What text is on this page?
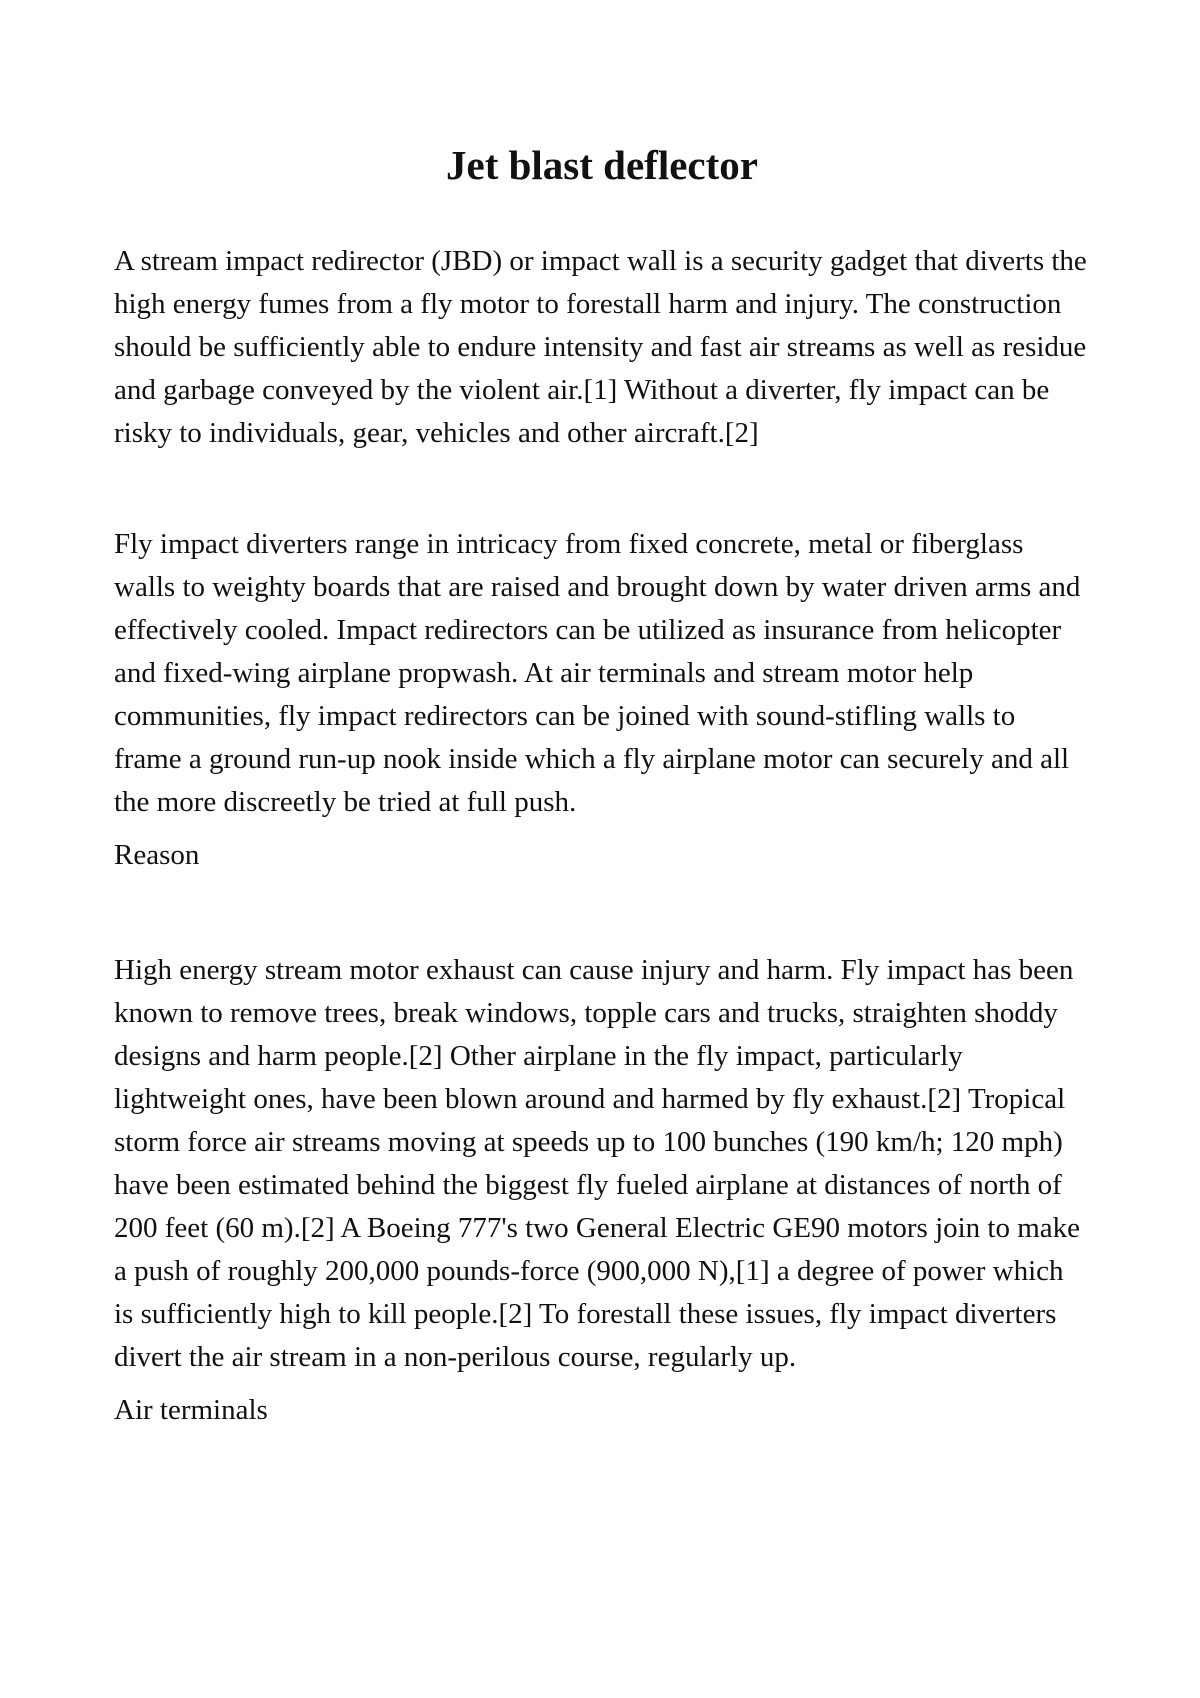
Jet blast deflector

A stream impact redirector (JBD) or impact wall is a security gadget that diverts the high energy fumes from a fly motor to forestall harm and injury. The construction should be sufficiently able to endure intensity and fast air streams as well as residue and garbage conveyed by the violent air.[1] Without a diverter, fly impact can be risky to individuals, gear, vehicles and other aircraft.[2]

Fly impact diverters range in intricacy from fixed concrete, metal or fiberglass walls to weighty boards that are raised and brought down by water driven arms and effectively cooled. Impact redirectors can be utilized as insurance from helicopter and fixed-wing airplane propwash. At air terminals and stream motor help communities, fly impact redirectors can be joined with sound-stifling walls to frame a ground run-up nook inside which a fly airplane motor can securely and all the more discreetly be tried at full push.

Reason

High energy stream motor exhaust can cause injury and harm. Fly impact has been known to remove trees, break windows, topple cars and trucks, straighten shoddy designs and harm people.[2] Other airplane in the fly impact, particularly lightweight ones, have been blown around and harmed by fly exhaust.[2] Tropical storm force air streams moving at speeds up to 100 bunches (190 km/h; 120 mph) have been estimated behind the biggest fly fueled airplane at distances of north of 200 feet (60 m).[2] A Boeing 777's two General Electric GE90 motors join to make a push of roughly 200,000 pounds-force (900,000 N),[1] a degree of power which is sufficiently high to kill people.[2] To forestall these issues, fly impact diverters divert the air stream in a non-perilous course, regularly up.

Air terminals
